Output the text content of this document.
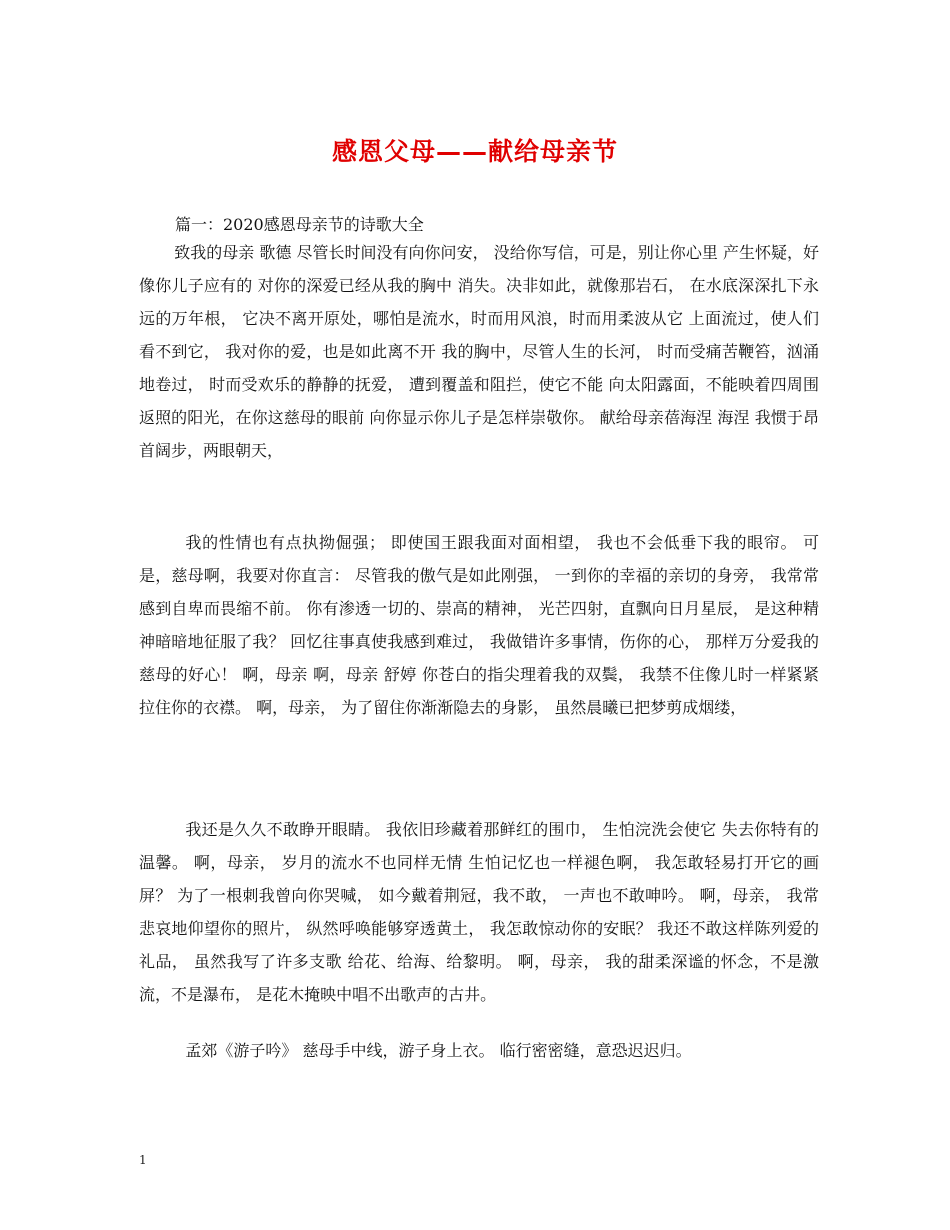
感恩父母——献给母亲节
篇一：2020感恩母亲节的诗歌大全
致我的母亲 歌德 尽管长时间没有向你问安， 没给你写信，可是，别让你心里 产生怀疑，好像你儿子应有的 对你的深爱已经从我的胸中 消失。决非如此，就像那岩石， 在水底深深扎下永远的万年根， 它决不离开原处，哪怕是流水，时而用风浪，时而用柔波从它 上面流过，使人们看不到它， 我对你的爱，也是如此离不开 我的胸中，尽管人生的长河， 时而受痛苦鞭笞，汹涌地卷过， 时而受欢乐的静静的抚爱， 遭到覆盖和阻拦，使它不能 向太阳露面，不能映着四周围返照的阳光，在你这慈母的眼前 向你显示你儿子是怎样崇敬你。 献给母亲蓓海涅 海涅 我惯于昂首阔步，两眼朝天，
我的性情也有点执拗倔强； 即使国王跟我面对面相望， 我也不会低垂下我的眼帘。 可是，慈母啊，我要对你直言： 尽管我的傲气是如此刚强， 一到你的幸福的亲切的身旁， 我常常感到自卑而畏缩不前。 你有渗透一切的、崇高的精神， 光芒四射，直飘向日月星辰， 是这种精神暗暗地征服了我？ 回忆往事真使我感到难过， 我做错许多事情，伤你的心， 那样万分爱我的慈母的好心！ 啊，母亲 啊，母亲 舒婷 你苍白的指尖理着我的双鬓， 我禁不住像儿时一样紧紧拉住你的衣襟。 啊，母亲， 为了留住你渐渐隐去的身影， 虽然晨曦已把梦剪成烟缕，
我还是久久不敢睁开眼睛。 我依旧珍藏着那鲜红的围巾， 生怕浣洗会使它 失去你特有的温馨。 啊，母亲， 岁月的流水不也同样无情 生怕记忆也一样褪色啊， 我怎敢轻易打开它的画屏？ 为了一根刺我曾向你哭喊， 如今戴着荆冠，我不敢， 一声也不敢呻吟。 啊，母亲， 我常悲哀地仰望你的照片， 纵然呼唤能够穿透黄土， 我怎敢惊动你的安眠？ 我还不敢这样陈列爱的礼品， 虽然我写了许多支歌 给花、给海、给黎明。 啊，母亲， 我的甜柔深谧的怀念，不是激流，不是瀑布， 是花木掩映中唱不出歌声的古井。
孟郊《游子吟》 慈母手中线，游子身上衣。 临行密密缝，意恐迟迟归。
1
